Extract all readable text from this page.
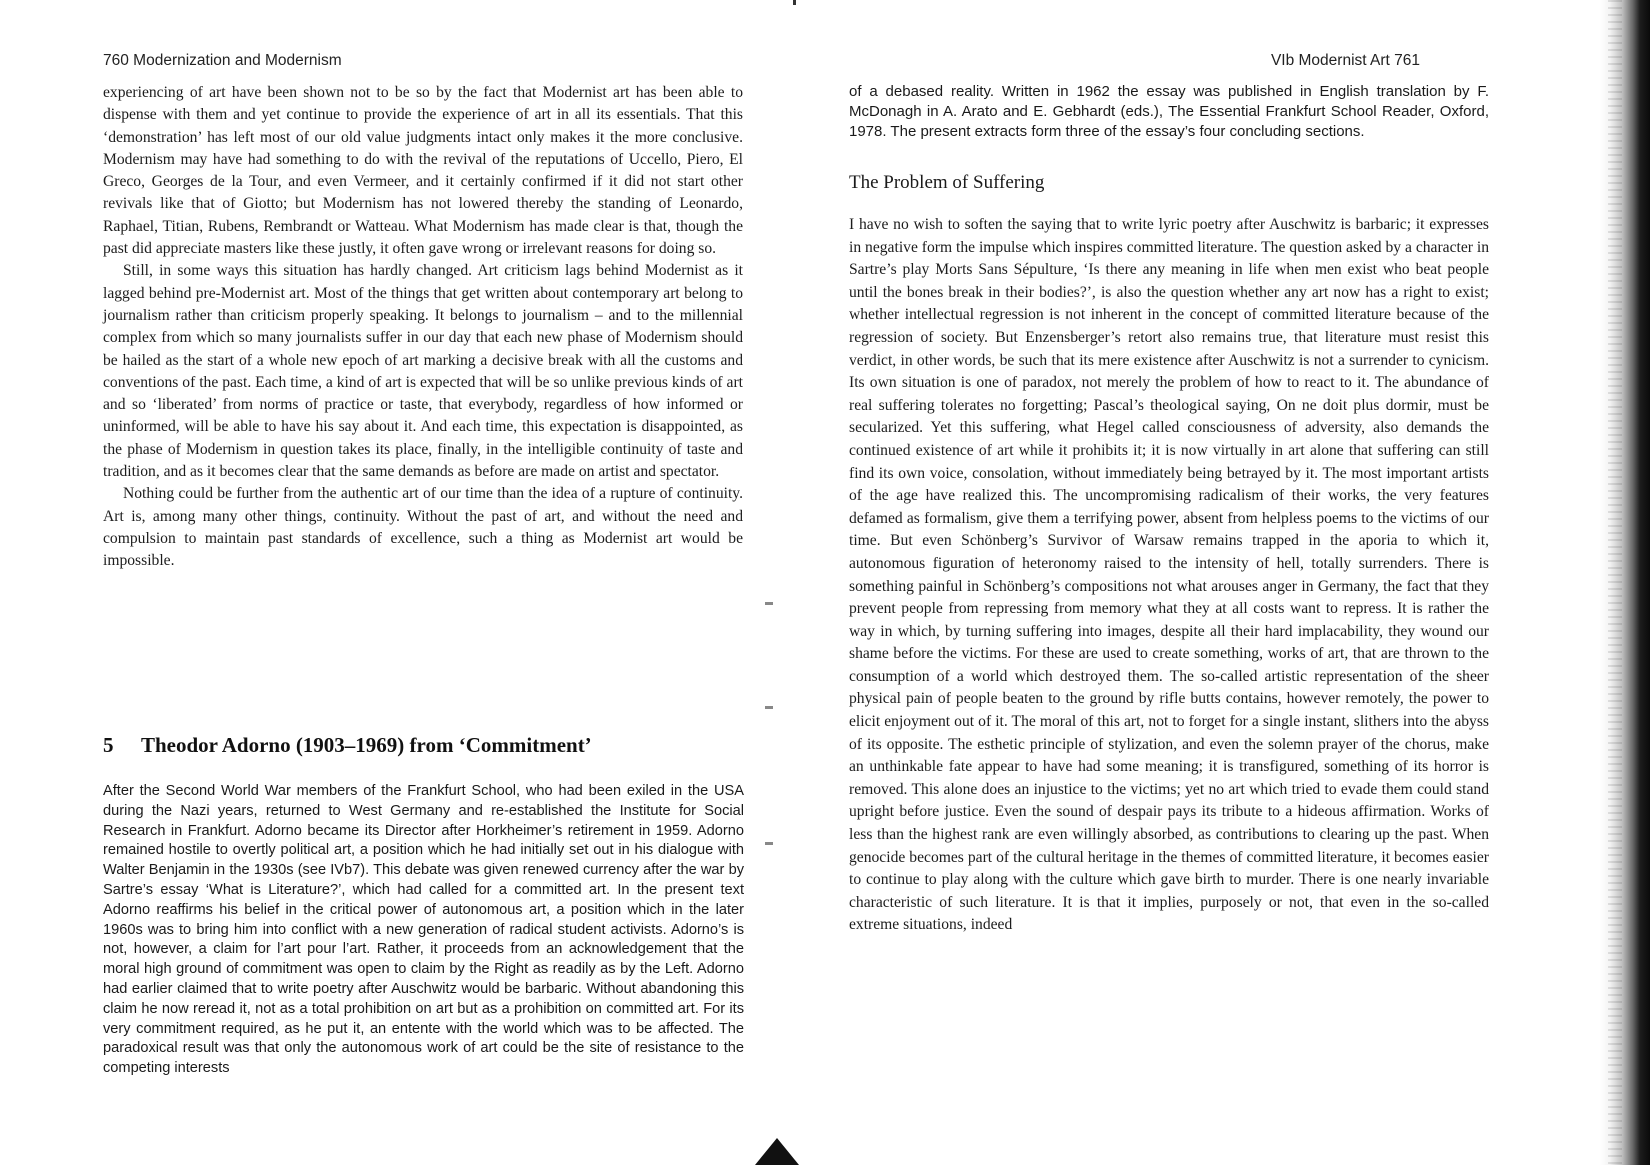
760 Modernization and Modernism

experiencing of art have been shown not to be so by the fact that Modernist art has been able to dispense with them and yet continue to provide the experience of art in all its essentials. That this ‘demonstration’ has left most of our old value judgments intact only makes it the more conclusive. Modernism may have had something to do with the revival of the reputations of Uccello, Piero, El Greco, Georges de la Tour, and even Vermeer, and it certainly confirmed if it did not start other revivals like that of Giotto; but Modernism has not lowered thereby the standing of Leonardo, Raphael, Titian, Rubens, Rembrandt or Watteau. What Modernism has made clear is that, though the past did appreciate masters like these justly, it often gave wrong or irrelevant reasons for doing so.

Still, in some ways this situation has hardly changed. Art criticism lags behind Modernist as it lagged behind pre-Modernist art. Most of the things that get written about contemporary art belong to journalism rather than criticism properly speaking. It belongs to journalism – and to the millennial complex from which so many journalists suffer in our day that each new phase of Modernism should be hailed as the start of a whole new epoch of art marking a decisive break with all the customs and conventions of the past. Each time, a kind of art is expected that will be so unlike previous kinds of art and so ‘liberated’ from norms of practice or taste, that everybody, regardless of how informed or uninformed, will be able to have his say about it. And each time, this expectation is disappointed, as the phase of Modernism in question takes its place, finally, in the intelligible continuity of taste and tradition, and as it becomes clear that the same demands as before are made on artist and spectator.

Nothing could be further from the authentic art of our time than the idea of a rupture of continuity. Art is, among many other things, continuity. Without the past of art, and without the need and compulsion to maintain past standards of excellence, such a thing as Modernist art would be impossible.

5 Theodor Adorno (1903–1969) from ‘Commitment’

After the Second World War members of the Frankfurt School, who had been exiled in the USA during the Nazi years, returned to West Germany and re-established the Institute for Social Research in Frankfurt. Adorno became its Director after Horkheimer’s retirement in 1959. Adorno remained hostile to overtly political art, a position which he had initially set out in his dialogue with Walter Benjamin in the 1930s (see IVb7). This debate was given renewed currency after the war by Sartre’s essay ‘What is Literature?’, which had called for a committed art. In the present text Adorno reaffirms his belief in the critical power of autonomous art, a position which in the later 1960s was to bring him into conflict with a new generation of radical student activists. Adorno’s is not, however, a claim for l’art pour l’art. Rather, it proceeds from an acknowledgement that the moral high ground of commitment was open to claim by the Right as readily as by the Left. Adorno had earlier claimed that to write poetry after Auschwitz would be barbaric. Without abandoning this claim he now reread it, not as a total prohibition on art but as a prohibition on committed art. For its very commitment required, as he put it, an entente with the world which was to be affected. The paradoxical result was that only the autonomous work of art could be the site of resistance to the competing interests

VIb Modernist Art 761

of a debased reality. Written in 1962 the essay was published in English translation by F. McDonagh in A. Arato and E. Gebhardt (eds.), The Essential Frankfurt School Reader, Oxford, 1978. The present extracts form three of the essay’s four concluding sections.

The Problem of Suffering

I have no wish to soften the saying that to write lyric poetry after Auschwitz is barbaric; it expresses in negative form the impulse which inspires committed literature. The question asked by a character in Sartre’s play Morts Sans Sépulture, ‘Is there any meaning in life when men exist who beat people until the bones break in their bodies?’, is also the question whether any art now has a right to exist; whether intellectual regression is not inherent in the concept of committed literature because of the regression of society. But Enzensberger’s retort also remains true, that literature must resist this verdict, in other words, be such that its mere existence after Auschwitz is not a surrender to cynicism. Its own situation is one of paradox, not merely the problem of how to react to it. The abundance of real suffering tolerates no forgetting; Pascal’s theological saying, On ne doit plus dormir, must be secularized. Yet this suffering, what Hegel called consciousness of adversity, also demands the continued existence of art while it prohibits it; it is now virtually in art alone that suffering can still find its own voice, consolation, without immediately being betrayed by it. The most important artists of the age have realized this. The uncompromising radicalism of their works, the very features defamed as formalism, give them a terrifying power, absent from helpless poems to the victims of our time. But even Schönberg’s Survivor of Warsaw remains trapped in the aporia to which it, autonomous figuration of heteronomy raised to the intensity of hell, totally surrenders. There is something painful in Schönberg’s compositions not what arouses anger in Germany, the fact that they prevent people from repressing from memory what they at all costs want to repress. It is rather the way in which, by turning suffering into images, despite all their hard implacability, they wound our shame before the victims. For these are used to create something, works of art, that are thrown to the consumption of a world which destroyed them. The so-called artistic representation of the sheer physical pain of people beaten to the ground by rifle butts contains, however remotely, the power to elicit enjoyment out of it. The moral of this art, not to forget for a single instant, slithers into the abyss of its opposite. The esthetic principle of stylization, and even the solemn prayer of the chorus, make an unthinkable fate appear to have had some meaning; it is transfigured, something of its horror is removed. This alone does an injustice to the victims; yet no art which tried to evade them could stand upright before justice. Even the sound of despair pays its tribute to a hideous affirmation. Works of less than the highest rank are even willingly absorbed, as contributions to clearing up the past. When genocide becomes part of the cultural heritage in the themes of committed literature, it becomes easier to continue to play along with the culture which gave birth to murder. There is one nearly invariable characteristic of such literature. It is that it implies, purposely or not, that even in the so-called extreme situations, indeed
